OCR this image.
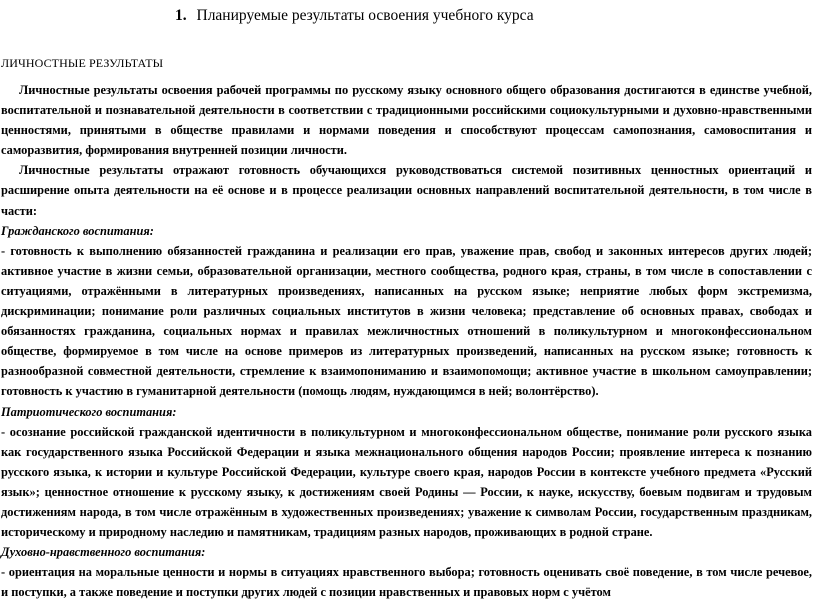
1. Планируемые результаты освоения учебного курса
ЛИЧНОСТНЫЕ РЕЗУЛЬТАТЫ

Личностные результаты освоения рабочей программы по русскому языку основного общего образования достигаются в единстве учебной, воспитательной и познавательной деятельности в соответствии с традиционными российскими социокультурными и духовно-нравственными ценностями, принятыми в обществе правилами и нормами поведения и способствуют процессам самопознания, самовоспитания и саморазвития, формирования внутренней позиции личности.

Личностные результаты отражают готовность обучающихся руководствоваться системой позитивных ценностных ориентаций и расширение опыта деятельности на её основе и в процессе реализации основных направлений воспитательной деятельности, в том числе в части:

Гражданского воспитания:

- готовность к выполнению обязанностей гражданина и реализации его прав, уважение прав, свобод и законных интересов других людей; активное участие в жизни семьи, образовательной организации, местного сообщества, родного края, страны, в том числе в сопоставлении с ситуациями, отражёнными в литературных произведениях, написанных на русском языке; неприятие любых форм экстремизма, дискриминации; понимание роли различных социальных институтов в жизни человека; представление об основных правах, свободах и обязанностях гражданина, социальных нормах и правилах межличностных отношений в поликультурном и многоконфессиональном обществе, формируемое в том числе на основе примеров из литературных произведений, написанных на русском языке; готовность к разнообразной совместной деятельности, стремление к взаимопониманию и взаимопомощи; активное участие в школьном самоуправлении; готовность к участию в гуманитарной деятельности (помощь людям, нуждающимся в ней; волонтёрство).

Патриотического воспитания:

- осознание российской гражданской идентичности в поликультурном и многоконфессиональном обществе, понимание роли русского языка как государственного языка Российской Федерации и языка межнационального общения народов России; проявление интереса к познанию русского языка, к истории и культуре Российской Федерации, культуре своего края, народов России в контексте учебного предмета «Русский язык»; ценностное отношение к русскому языку, к достижениям своей Родины — России, к науке, искусству, боевым подвигам и трудовым достижениям народа, в том числе отражённым в художественных произведениях; уважение к символам России, государственным праздникам, историческому и природному наследию и памятникам, традициям разных народов, проживающих в родной стране.

Духовно-нравственного воспитания:

- ориентация на моральные ценности и нормы в ситуациях нравственного выбора; готовность оценивать своё поведение, в том числе речевое, и поступки, а также поведение и поступки других людей с позиции нравственных и правовых норм с учётом
